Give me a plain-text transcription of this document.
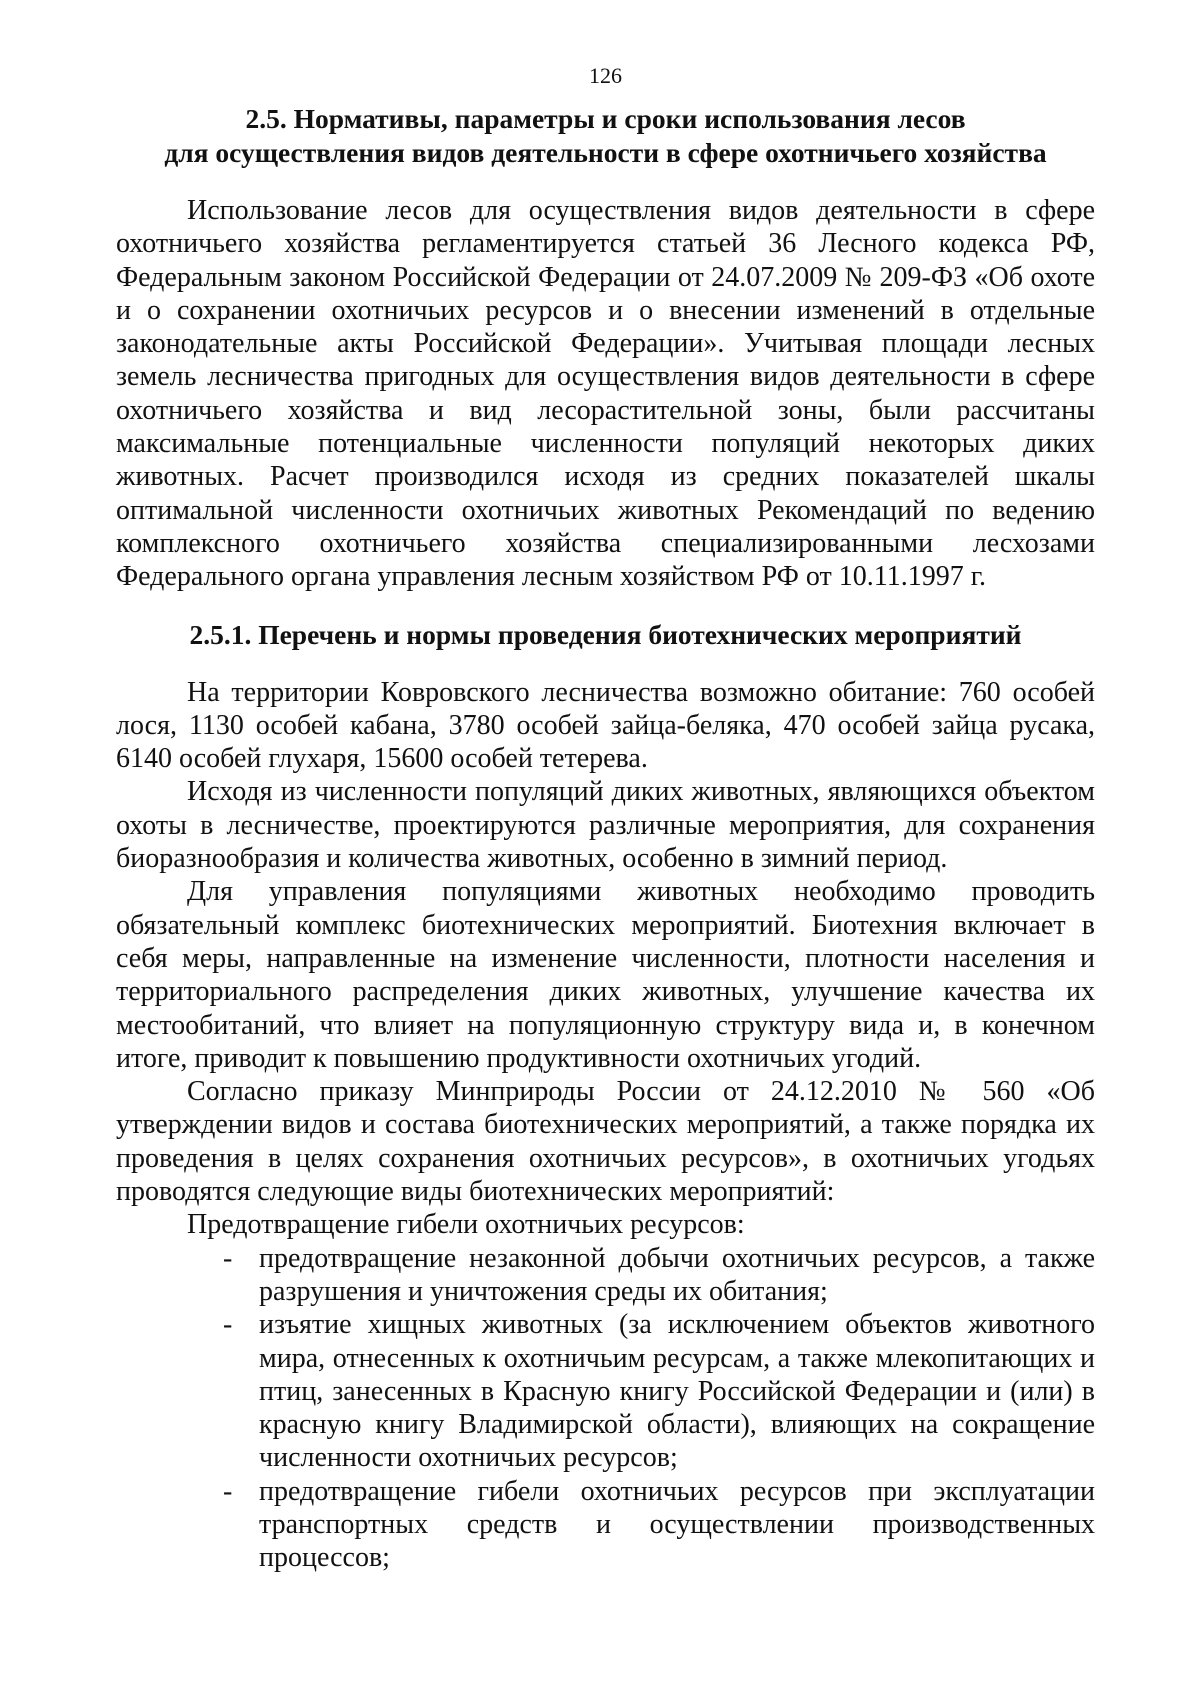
126
2.5. Нормативы, параметры и сроки использования лесов
для осуществления видов деятельности в сфере охотничьего хозяйства

Использование лесов для осуществления видов деятельности в сфере охотничьего хозяйства регламентируется статьей 36 Лесного кодекса РФ, Федеральным законом Российской Федерации от 24.07.2009 № 209-ФЗ «Об охоте и о сохранении охотничьих ресурсов и о внесении изменений в отдельные законодательные акты Российской Федерации». Учитывая площади лесных земель лесничества пригодных для осуществления видов деятельности в сфере охотничьего хозяйства и вид лесорастительной зоны, были рассчитаны максимальные потенциальные численности популяций некоторых диких животных. Расчет производился исходя из средних показателей шкалы оптимальной численности охотничьих животных Рекомендаций по ведению комплексного охотничьего хозяйства специализированными лесхозами Федерального органа управления лесным хозяйством РФ от 10.11.1997 г.

2.5.1. Перечень и нормы проведения биотехнических мероприятий

На территории Ковровского лесничества возможно обитание: 760 особей лося, 1130 особей кабана, 3780 особей зайца-беляка, 470 особей зайца русака, 6140 особей глухаря, 15600 особей тетерева.

Исходя из численности популяций диких животных, являющихся объектом охоты в лесничестве, проектируются различные мероприятия, для сохранения биоразнообразия и количества животных, особенно в зимний период.

Для управления популяциями животных необходимо проводить обязательный комплекс биотехнических мероприятий. Биотехния включает в себя меры, направленные на изменение численности, плотности населения и территориального распределения диких животных, улучшение качества их местообитаний, что влияет на популяционную структуру вида и, в конечном итоге, приводит к повышению продуктивности охотничьих угодий.

Согласно приказу Минприроды России от 24.12.2010 № 560 «Об утверждении видов и состава биотехнических мероприятий, а также порядка их проведения в целях сохранения охотничьих ресурсов», в охотничьих угодьях проводятся следующие виды биотехнических мероприятий:

Предотвращение гибели охотничьих ресурсов:

- предотвращение незаконной добычи охотничьих ресурсов, а также разрушения и уничтожения среды их обитания;
- изъятие хищных животных (за исключением объектов животного мира, отнесенных к охотничьим ресурсам, а также млекопитающих и птиц, занесенных в Красную книгу Российской Федерации и (или) в красную книгу Владимирской области), влияющих на сокращение численности охотничьих ресурсов;
- предотвращение гибели охотничьих ресурсов при эксплуатации транспортных средств и осуществлении производственных процессов;
